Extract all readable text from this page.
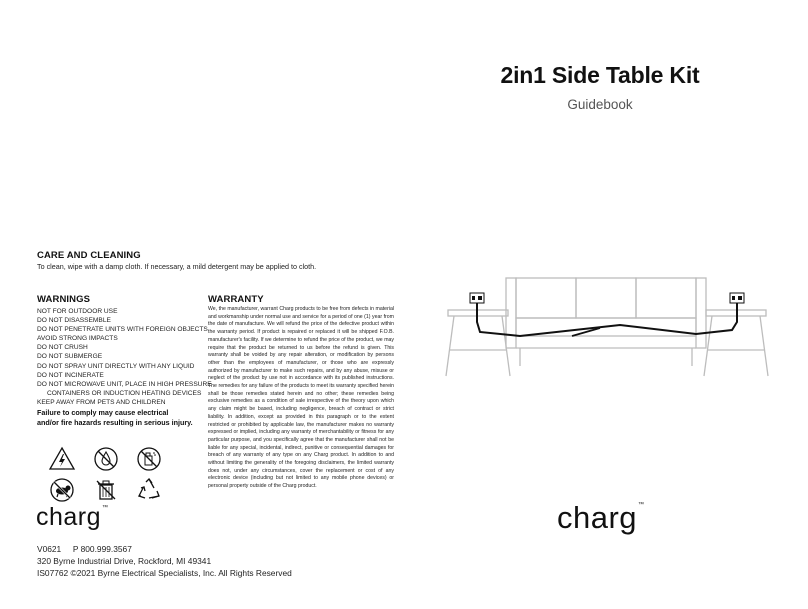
2in1 Side Table Kit
Guidebook
CARE AND CLEANING
To clean, wipe with a damp cloth. If necessary, a mild detergent may be applied to cloth.
WARNINGS
NOT FOR OUTDOOR USE
DO NOT DISASSEMBLE
DO NOT PENETRATE UNITS WITH FOREIGN OBJECTS
AVOID STRONG IMPACTS
DO NOT CRUSH
DO NOT SUBMERGE
DO NOT SPRAY UNIT DIRECTLY WITH ANY LIQUID
DO NOT INCINERATE
DO NOT MICROWAVE UNIT, PLACE IN HIGH PRESSURE
CONTAINERS OR INDUCTION HEATING DEVICES
KEEP AWAY FROM PETS AND CHILDREN
Failure to comply may cause electrical
and/or fire hazards resulting in serious injury.
WARRANTY
We, the manufacturer, warrant Charg products to be free from defects in material and workmanship under normal use and service for a period of one (1) year from the date of manufacture. We will refund the price of the defective product within the warranty period. If product is repaired or replaced it will be shipped F.O.B. manufacturer's facility. If we determine to refund the price of the product, we may require that the product be returned to us before the refund is given. This warranty shall be voided by any repair alteration, or modification by persons other than the employees of manufacturer, or those who are expressly authorized by manufacturer to make such repairs, and by any abuse, misuse or neglect of the product by use not in accordance with its published instructions. The remedies for any failure of the products to meet its warranty specified herein shall be those remedies stated herein and no other; these remedies being exclusive remedies as a condition of sale irrespective of the theory upon which any claim might be based, including negligence, breach of contract or strict liability. In addition, except as provided in this paragraph or to the extent restricted or prohibited by applicable law, the manufacturer makes no warranty expressed or implied, including any warranty of merchantability or fitness for any particular purpose, and you specifically agree that the manufacturer shall not be liable for any special, incidental, indirect, punitive or consequential damages for breach of any warranty of any type on any Charg product. In addition to and without limiting the generality of the foregoing disclaimers, the limited warranty does not, under any circumstances, cover the replacement or cost of any electronic device (including but not limited to any mobile phone devices) or personal property outside of the Charg product.
charg™	charg™
V0621 P 800.999.3567
320 Byrne Industrial Drive, Rockford, MI 49341
IS07762 ©2021 Byrne Electrical Specialists, Inc. All Rights Reserved
